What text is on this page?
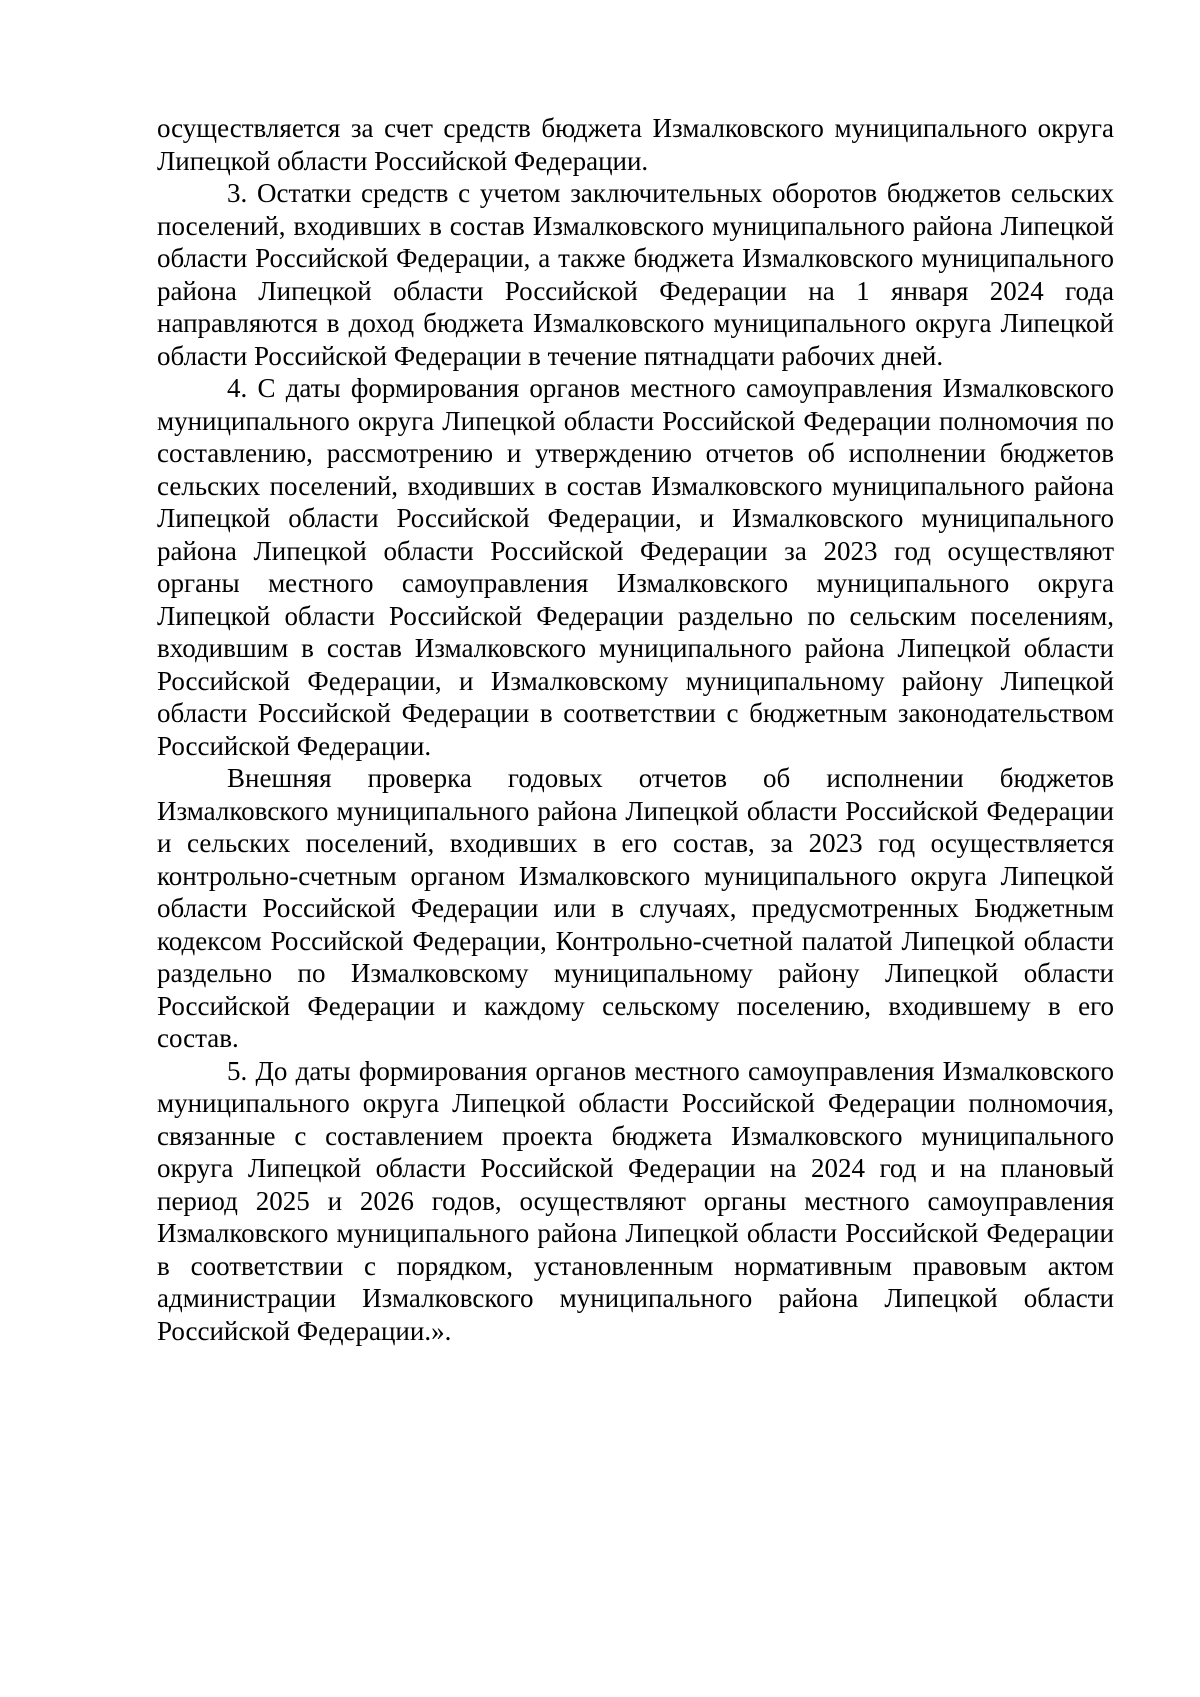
осуществляется за счет средств бюджета Измалковского муниципального округа Липецкой области Российской Федерации.

3. Остатки средств с учетом заключительных оборотов бюджетов сельских поселений, входивших в состав Измалковского муниципального района Липецкой области Российской Федерации, а также бюджета Измалковского муниципального района Липецкой области Российской Федерации на 1 января 2024 года направляются в доход бюджета Измалковского муниципального округа Липецкой области Российской Федерации в течение пятнадцати рабочих дней.

4. С даты формирования органов местного самоуправления Измалковского муниципального округа Липецкой области Российской Федерации полномочия по составлению, рассмотрению и утверждению отчетов об исполнении бюджетов сельских поселений, входивших в состав Измалковского муниципального района Липецкой области Российской Федерации, и Измалковского муниципального района Липецкой области Российской Федерации за 2023 год осуществляют органы местного самоуправления Измалковского муниципального округа Липецкой области Российской Федерации раздельно по сельским поселениям, входившим в состав Измалковского муниципального района Липецкой области Российской Федерации, и Измалковскому муниципальному району Липецкой области Российской Федерации в соответствии с бюджетным законодательством Российской Федерации.

Внешняя проверка годовых отчетов об исполнении бюджетов Измалковского муниципального района Липецкой области Российской Федерации и сельских поселений, входивших в его состав, за 2023 год осуществляется контрольно-счетным органом Измалковского муниципального округа Липецкой области Российской Федерации или в случаях, предусмотренных Бюджетным кодексом Российской Федерации, Контрольно-счетной палатой Липецкой области раздельно по Измалковскому муниципальному району Липецкой области Российской Федерации и каждому сельскому поселению, входившему в его состав.

5. До даты формирования органов местного самоуправления Измалковского муниципального округа Липецкой области Российской Федерации полномочия, связанные с составлением проекта бюджета Измалковского муниципального округа Липецкой области Российской Федерации на 2024 год и на плановый период 2025 и 2026 годов, осуществляют органы местного самоуправления Измалковского муниципального района Липецкой области Российской Федерации в соответствии с порядком, установленным нормативным правовым актом администрации Измалковского муниципального района Липецкой области Российской Федерации.».
